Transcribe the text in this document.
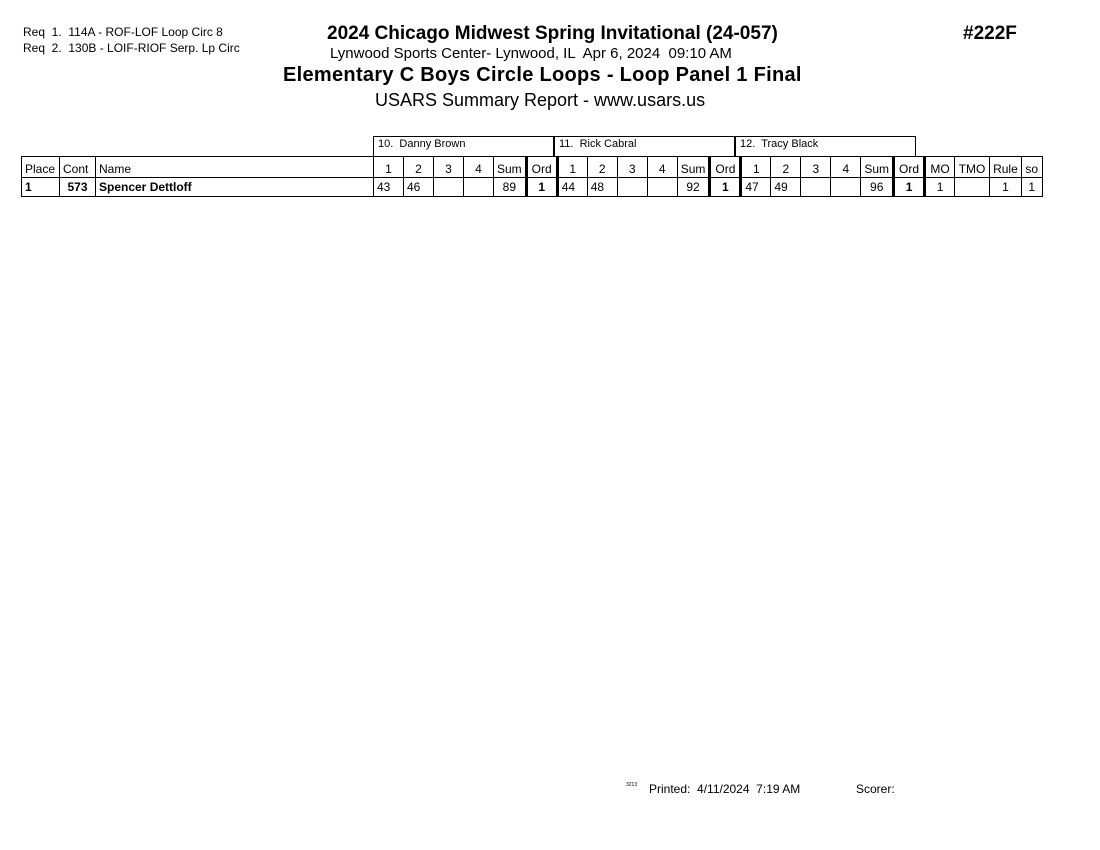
Req  1.  114A - ROF-LOF Loop Circ 8
Req  2.  130B - LOIF-RIOF Serp. Lp Circ
2024 Chicago Midwest Spring Invitational (24-057)
Lynwood Sports Center- Lynwood, IL  Apr 6, 2024  09:10 AM
#222F
Elementary C Boys Circle Loops - Loop Panel 1 Final
USARS Summary Report - www.usars.us
10.  Danny Brown	11.  Rick Cabral	12.  Tracy Black
Place	Cont	Name	1	2	3	4	Sum	Ord	1	2	3	4	Sum	Ord	1	2	3	4	Sum	Ord	MO	TMO	Rule	so
1	573	Spencer Dettloff	43	46			89	1	44	48			92	1	47	49			96	1	1		1	1
3213 Printed:  4/11/2024  7:19 AM	Scorer:
